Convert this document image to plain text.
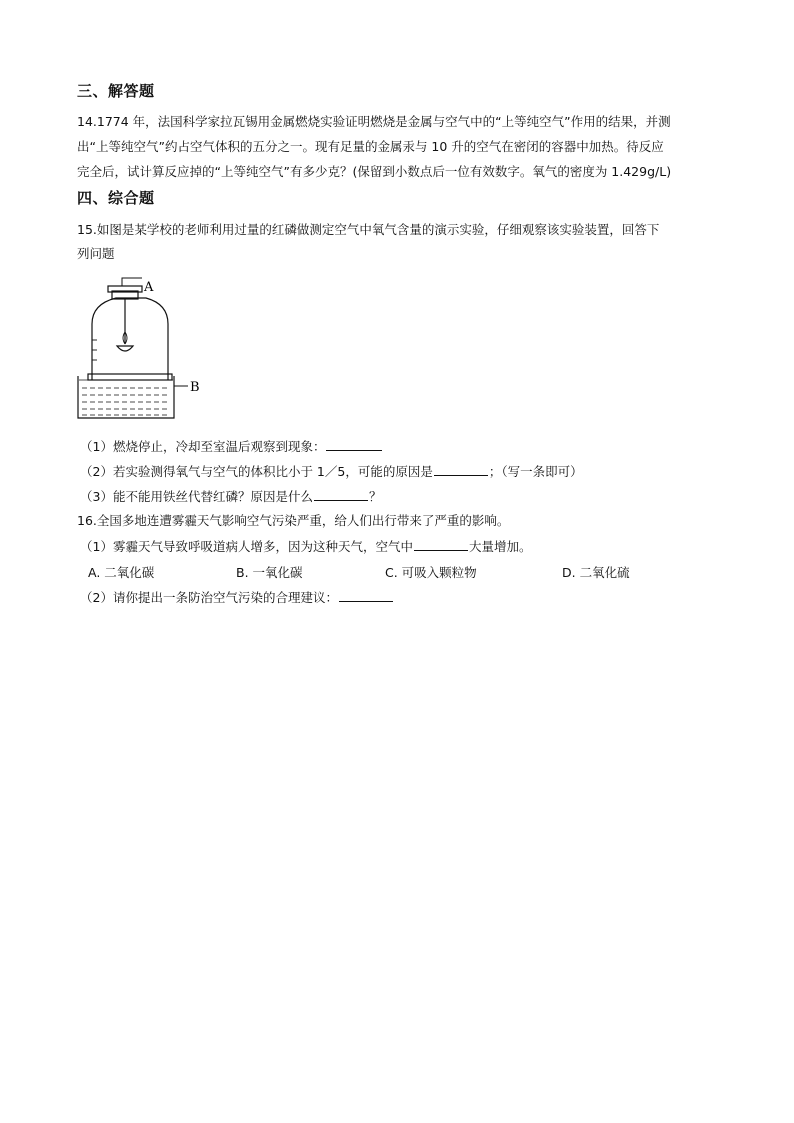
三、解答题
14.1774 年，法国科学家拉瓦锡用金属燃烧实验证明燃烧是金属与空气中的“上等纯空气”作用的结果，并测
出“上等纯空气”约占空气体积的五分之一。现有足量的金属汞与 10 升的空气在密闭的容器中加热。待反应
完全后，试计算反应掉的“上等纯空气”有多少克？(保留到小数点后一位有效数字。氧气的密度为 1.429g/L)
四、综合题
15.如图是某学校的老师利用过量的红磷做测定空气中氧气含量的演示实验，仔细观察该实验装置，回答下
列问题
A
B
（1）燃烧停止，冷却至室温后观察到现象：
（2）若实验测得氧气与空气的体积比小于 1／5，可能的原因是	；（写一条即可）
（3）能不能用铁丝代替红磷？原因是什么	？
16.全国多地连遭雾霾天气影响空气污染严重，给人们出行带来了严重的影响。
（1）雾霾天气导致呼吸道病人增多，因为这种天气，空气中	大量增加。
A. 二氧化碳	B. 一氧化碳	C. 可吸入颗粒物	D. 二氧化硫
（2）请你提出一条防治空气污染的合理建议：
